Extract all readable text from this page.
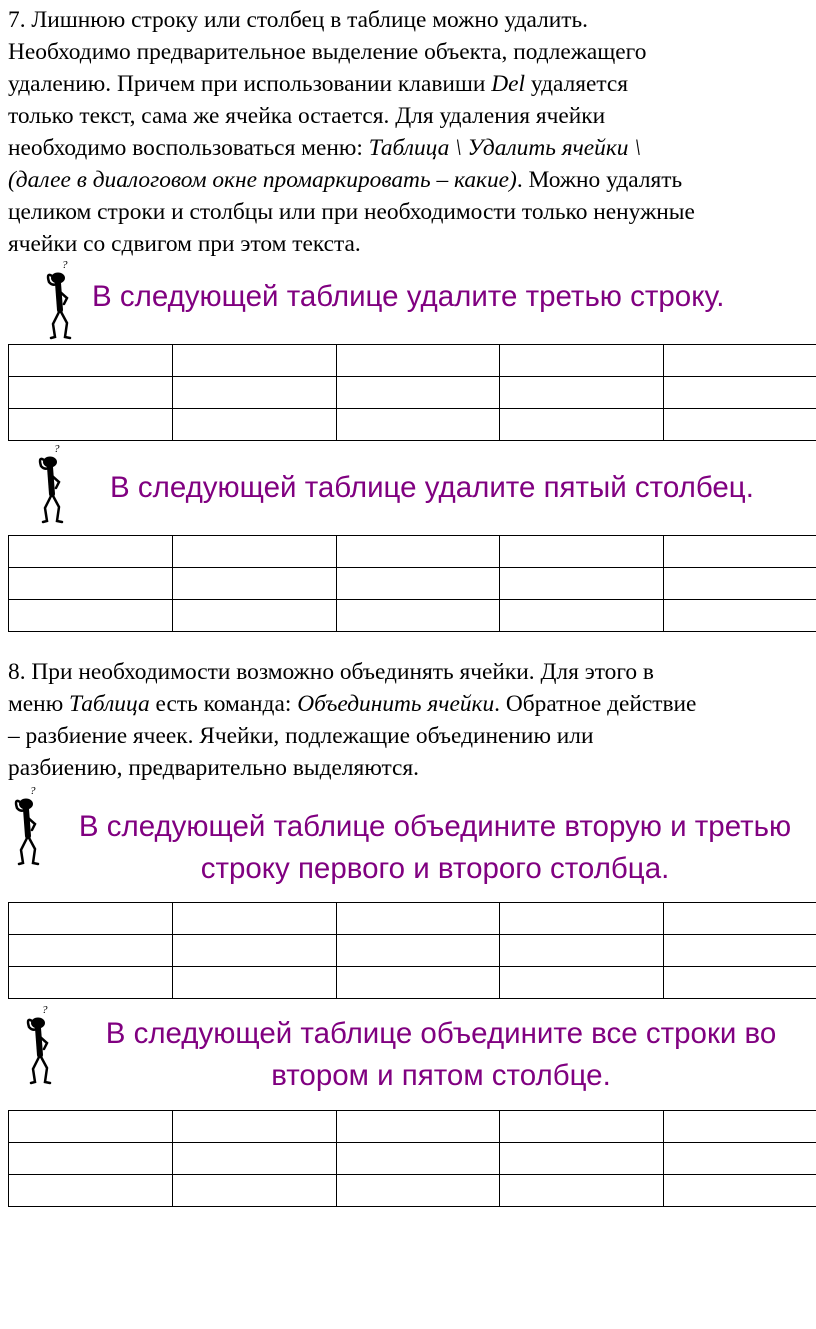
7. Лишнюю строку или столбец в таблице можно удалить.
Необходимо предварительное выделение объекта, подлежащего
удалению. Причем при использовании клавиши Del удаляется
только текст, сама же ячейка остается. Для удаления ячейки
необходимо воспользоваться меню: Таблица \ Удалить ячейки \
(далее в диалоговом окне промаркировать – какие). Можно удалять
целиком строки и столбцы или при необходимости только ненужные
ячейки со сдвигом при этом текста.
?
В следующей таблице удалите третью строку.

?
В следующей таблице удалите пятый столбец.

8. При необходимости возможно объединять ячейки. Для этого в
меню Таблица есть команда: Объединить ячейки. Обратное действие
– разбиение ячеек. Ячейки, подлежащие объединению или
разбиению, предварительно выделяются.
?
В следующей таблице объедините вторую и третью
строку первого и второго столбца.

?
В следующей таблице объедините все строки во
втором и пятом столбце.
